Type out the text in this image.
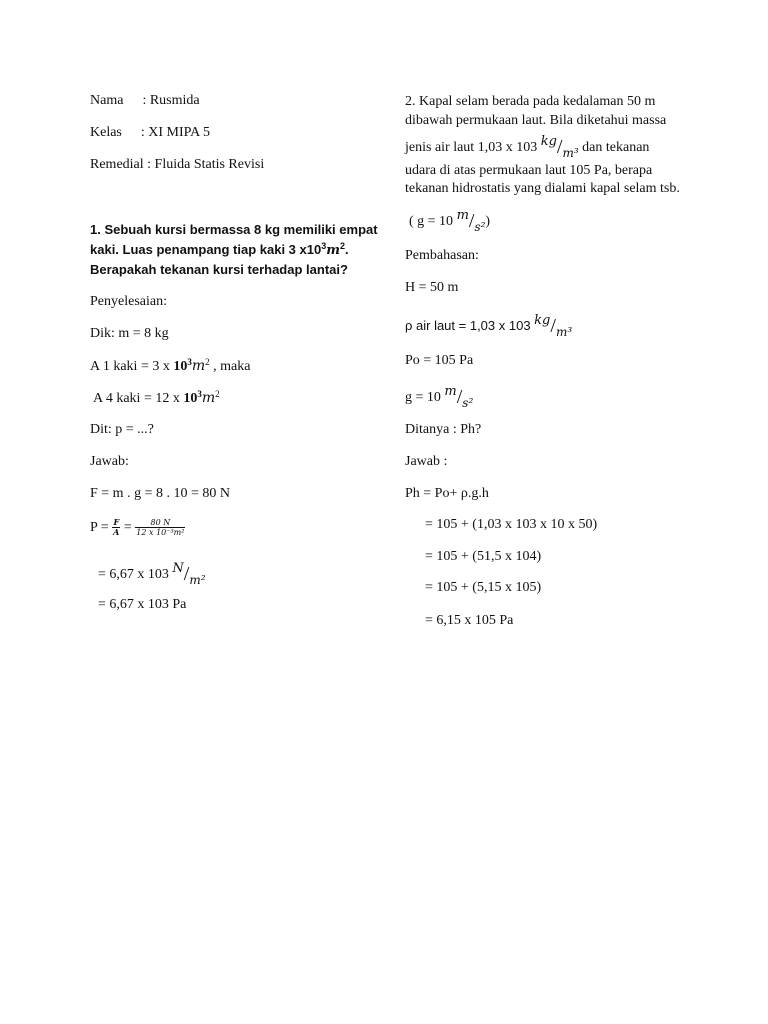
Nama : Rusmida
Kelas : XI MIPA 5
Remedial : Fluida Statis Revisi
1. Sebuah kursi bermassa 8 kg memiliki empat
kaki. Luas penampang tiap kaki 3 $x10^3m^2$.
Berapakah tekanan kursi terhadap lantai?
Penyelesaian:
Dik: m = 8 kg
A 1 kaki = 3 x $10^3m^2$ , maka
A 4 kaki = 12 x $10^3m^2$
Dit: p = ...?
Jawab:
F = m . g = 8 . 10 = 80 N
$P = \frac{F}{A} = \frac{80 N}{\text{12 x 10⁻³m²}}$
= 6,67 x 103 N/m²
= 6,67 x 103 Pa
2. Kapal selam berada pada kedalaman 50 m
dibawah permukaan laut. Bila diketahui massa
jenis air laut 1,03 x 103 kg/m³ dan tekanan
udara di atas permukaan laut 105 Pa, berapa
tekanan hidrostatis yang dialami kapal selam tsb.
( g = 10 m/s²)
Pembahasan:
H = 50 m
ρ air laut = 1,03 x 103 kg/m³
Po = 105 Pa
g = 10 m/s²
Ditanya : Ph?
Jawab :
Ph = Po+ ρ.g.h
= 105 + (1,03 x 103 x 10 x 50)
= 105 + (51,5 x 104)
= 105 + (5,15 x 105)
= 6,15 x 105 Pa
